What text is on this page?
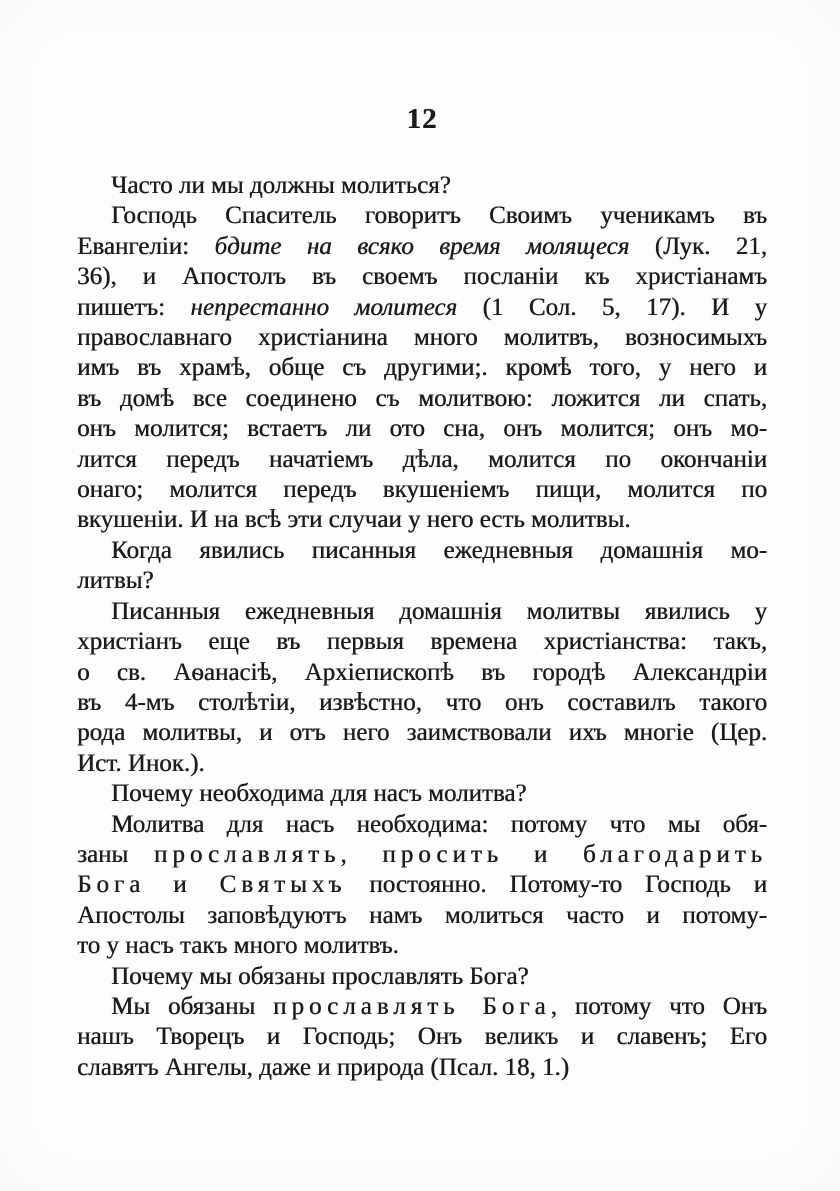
12
Часто ли мы должны молиться?
Господь Спаситель говоритъ Своимъ ученикамъ въ
Евангеліи: бдите на всяко время молящеся (Лук. 21,
36), и Апостолъ въ своемъ посланіи къ христіанамъ
пишетъ: непрестанно молитеся (1 Сол. 5, 17). И у
православнаго христіанина много молитвъ, возносимыхъ
имъ въ храмѣ, обще съ другими;. кромѣ того, у него и
въ домѣ все соединено съ молитвою: ложится ли спать,
онъ молится; встаетъ ли ото сна, онъ молится; онъ мо-
лится передъ начатіемъ дѣла, молится по окончаніи
онаго; молится передъ вкушеніемъ пищи, молится по
вкушеніи. И на всѣ эти случаи у него есть молитвы.
Когда явились писанныя ежедневныя домашнія мо-
литвы?
Писанныя ежедневныя домашнія молитвы явились у
христіанъ еще въ первыя времена христіанства: такъ,
о св. Аѳанасіѣ, Архіепископѣ въ городѣ Александріи
въ 4-мъ столѣтіи, извѣстно, что онъ составилъ такого
рода молитвы, и отъ него заимствовали ихъ многіе (Цер.
Ист. Инок.).
Почему необходима для насъ молитва?
Молитва для насъ необходима: потому что мы обя-
заны прославлять, просить и благодарить
Бога и Святыхъ постоянно. Потому-то Господь и
Апостолы заповѣдуютъ намъ молиться часто и потому-
то у насъ такъ много молитвъ.
Почему мы обязаны прославлять Бога?
Мы обязаны прославлять Бога, потому что Онъ
нашъ Творецъ и Господь; Онъ великъ и славенъ; Его
славятъ Ангелы, даже и природа (Псал. 18, 1.)
